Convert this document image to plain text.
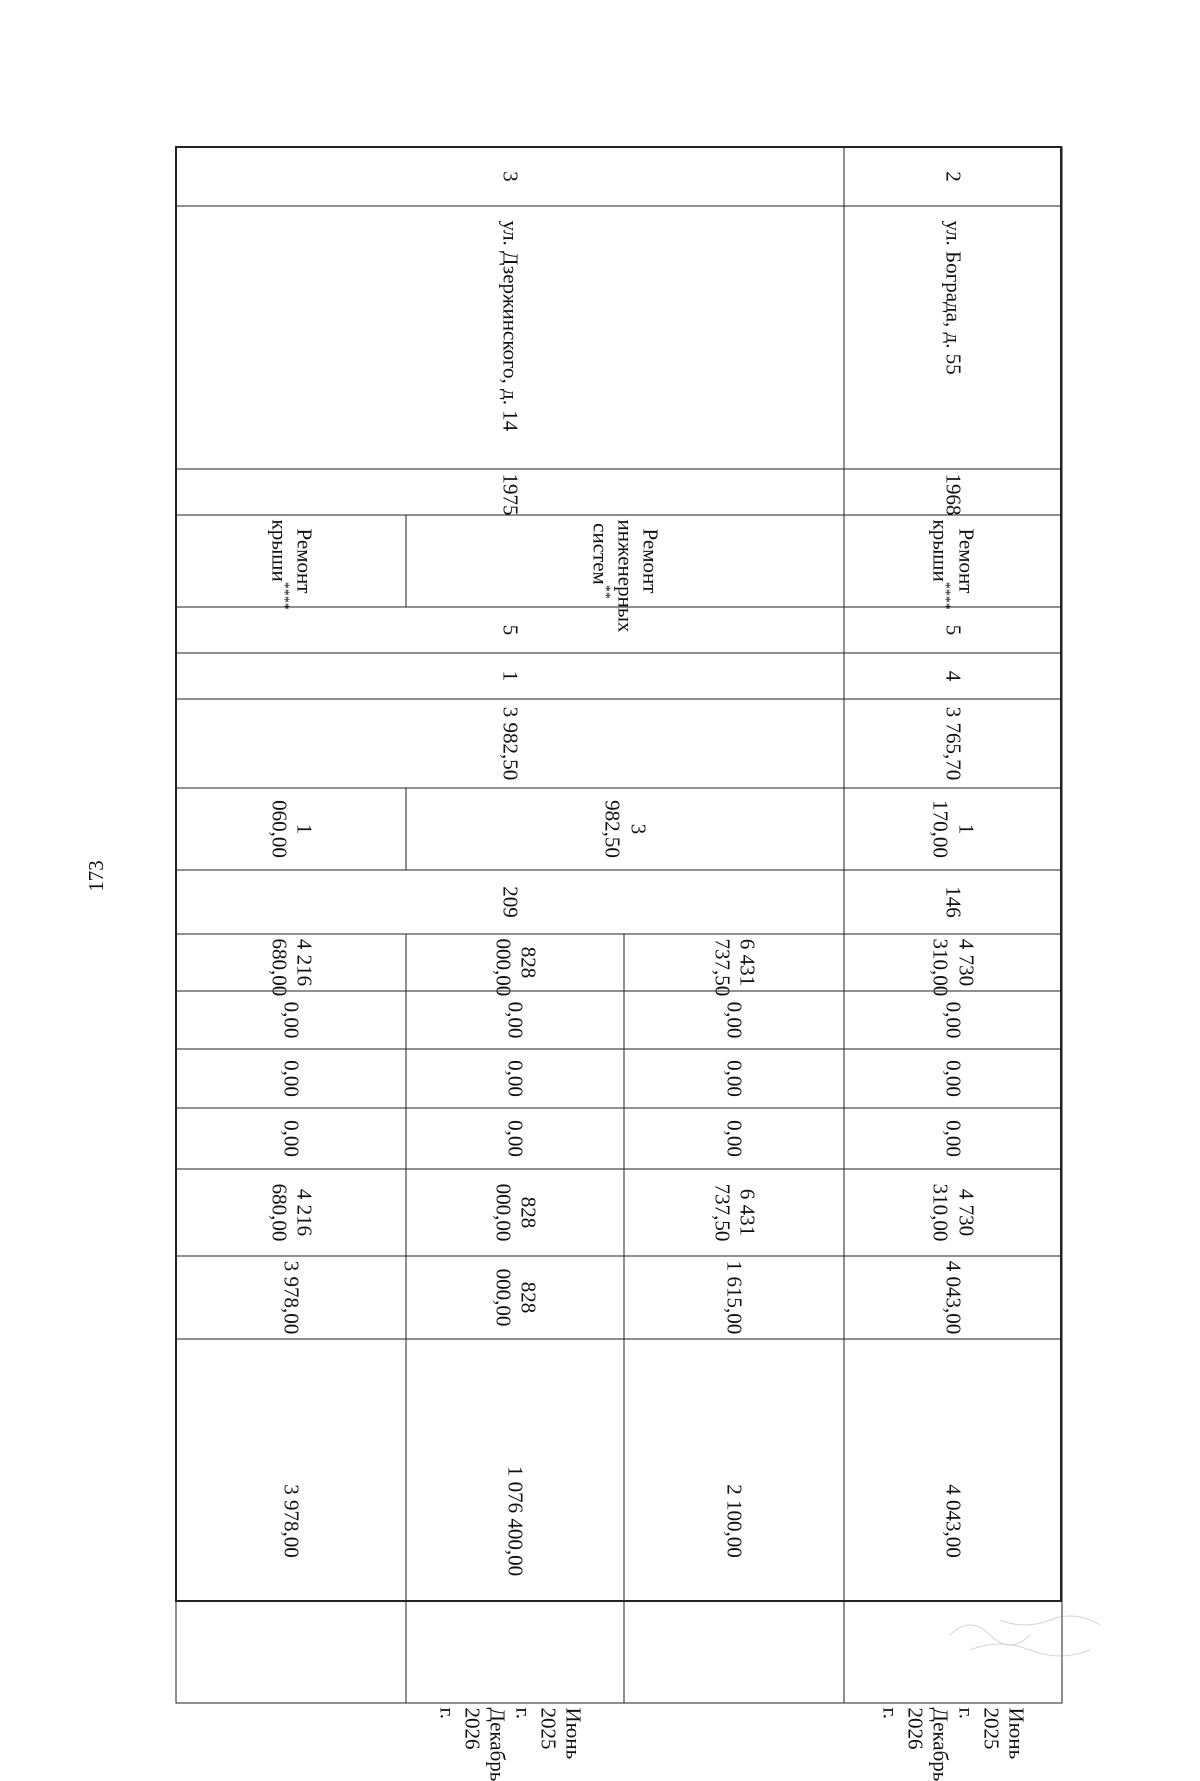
173
2	ул. Бограда, д. 55	1968	Ремонт крыши****	5	4	3 765,70	1 170,00	146	4 730 310,00	0,00	0,00	0,00	4 730 310,00	4 043,00	4 043,00	Июнь 2025 г.
Декабрь 2026 г.
3	ул. Дзержинского, д. 14	1975	Ремонт инженерных систем**	5	1	3 982,50	3 982,50	209	6 431 737,50	0,00	0,00	0,00	6 431 737,50	1 615,00	2 100,00	Июнь 2025 г.
Декабрь 2026 г.
									828 000,00	0,00	0,00	0,00	828 000,00	828 000,00	1 076 400,00	
			Ремонт крыши****				1 060,00		4 216 680,00	0,00	0,00	0,00	4 216 680,00	3 978,00	3 978,00	
